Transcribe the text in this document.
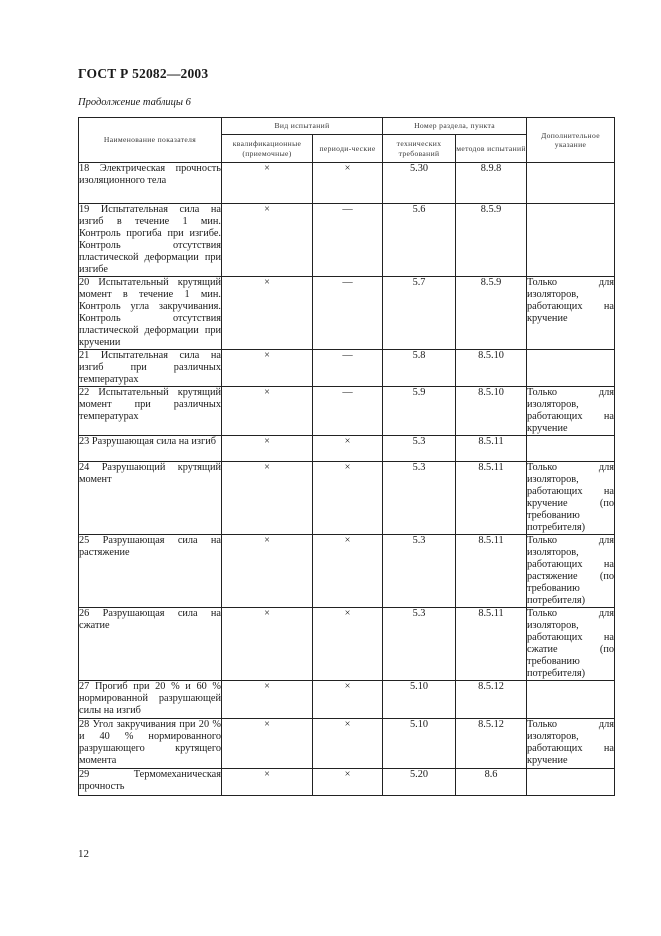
ГОСТ Р 52082—2003
Продолжение таблицы 6
Наименование показателя	Вид испытаний		Номер раздела, пункта		Дополнительное указание
	квалификационные (приемочные)	периоди-ческие	технических требований	методов испытаний	
18 Электрическая прочность изоляционного тела	×	×	5.30	8.9.8	
19 Испытательная сила на изгиб в течение 1 мин. Контроль прогиба при изгибе. Контроль отсутствия пластической деформации при изгибе	×	—	5.6	8.5.9	
20 Испытательный крутящий момент в течение 1 мин. Контроль угла закручивания. Контроль отсутствия пластической деформации при кручении	×	—	5.7	8.5.9	Только для изоляторов, работающих на кручение
21 Испытательная сила на изгиб при различных температурах	×	—	5.8	8.5.10	
22 Испытательный крутящий момент при различных температурах	×	—	5.9	8.5.10	Только для изоляторов, работающих на кручение
23 Разрушающая сила на изгиб	×	×	5.3	8.5.11	
24 Разрушающий крутящий момент	×	×	5.3	8.5.11	Только для изоляторов, работающих на кручение (по требованию потребителя)
25 Разрушающая сила на растяжение	×	×	5.3	8.5.11	Только для изоляторов, работающих на растяжение (по требованию потребителя)
26 Разрушающая сила на сжатие	×	×	5.3	8.5.11	Только для изоляторов, работающих на сжатие (по требованию потребителя)
27 Прогиб при 20 % и 60 % нормированной разрушающей силы на изгиб	×	×	5.10	8.5.12	
28 Угол закручивания при 20 % и 40 % нормированного разрушающего крутящего момента	×	×	5.10	8.5.12	Только для изоляторов, работающих на кручение
29 Термомеханическая прочность	×	×	5.20	8.6	
12
